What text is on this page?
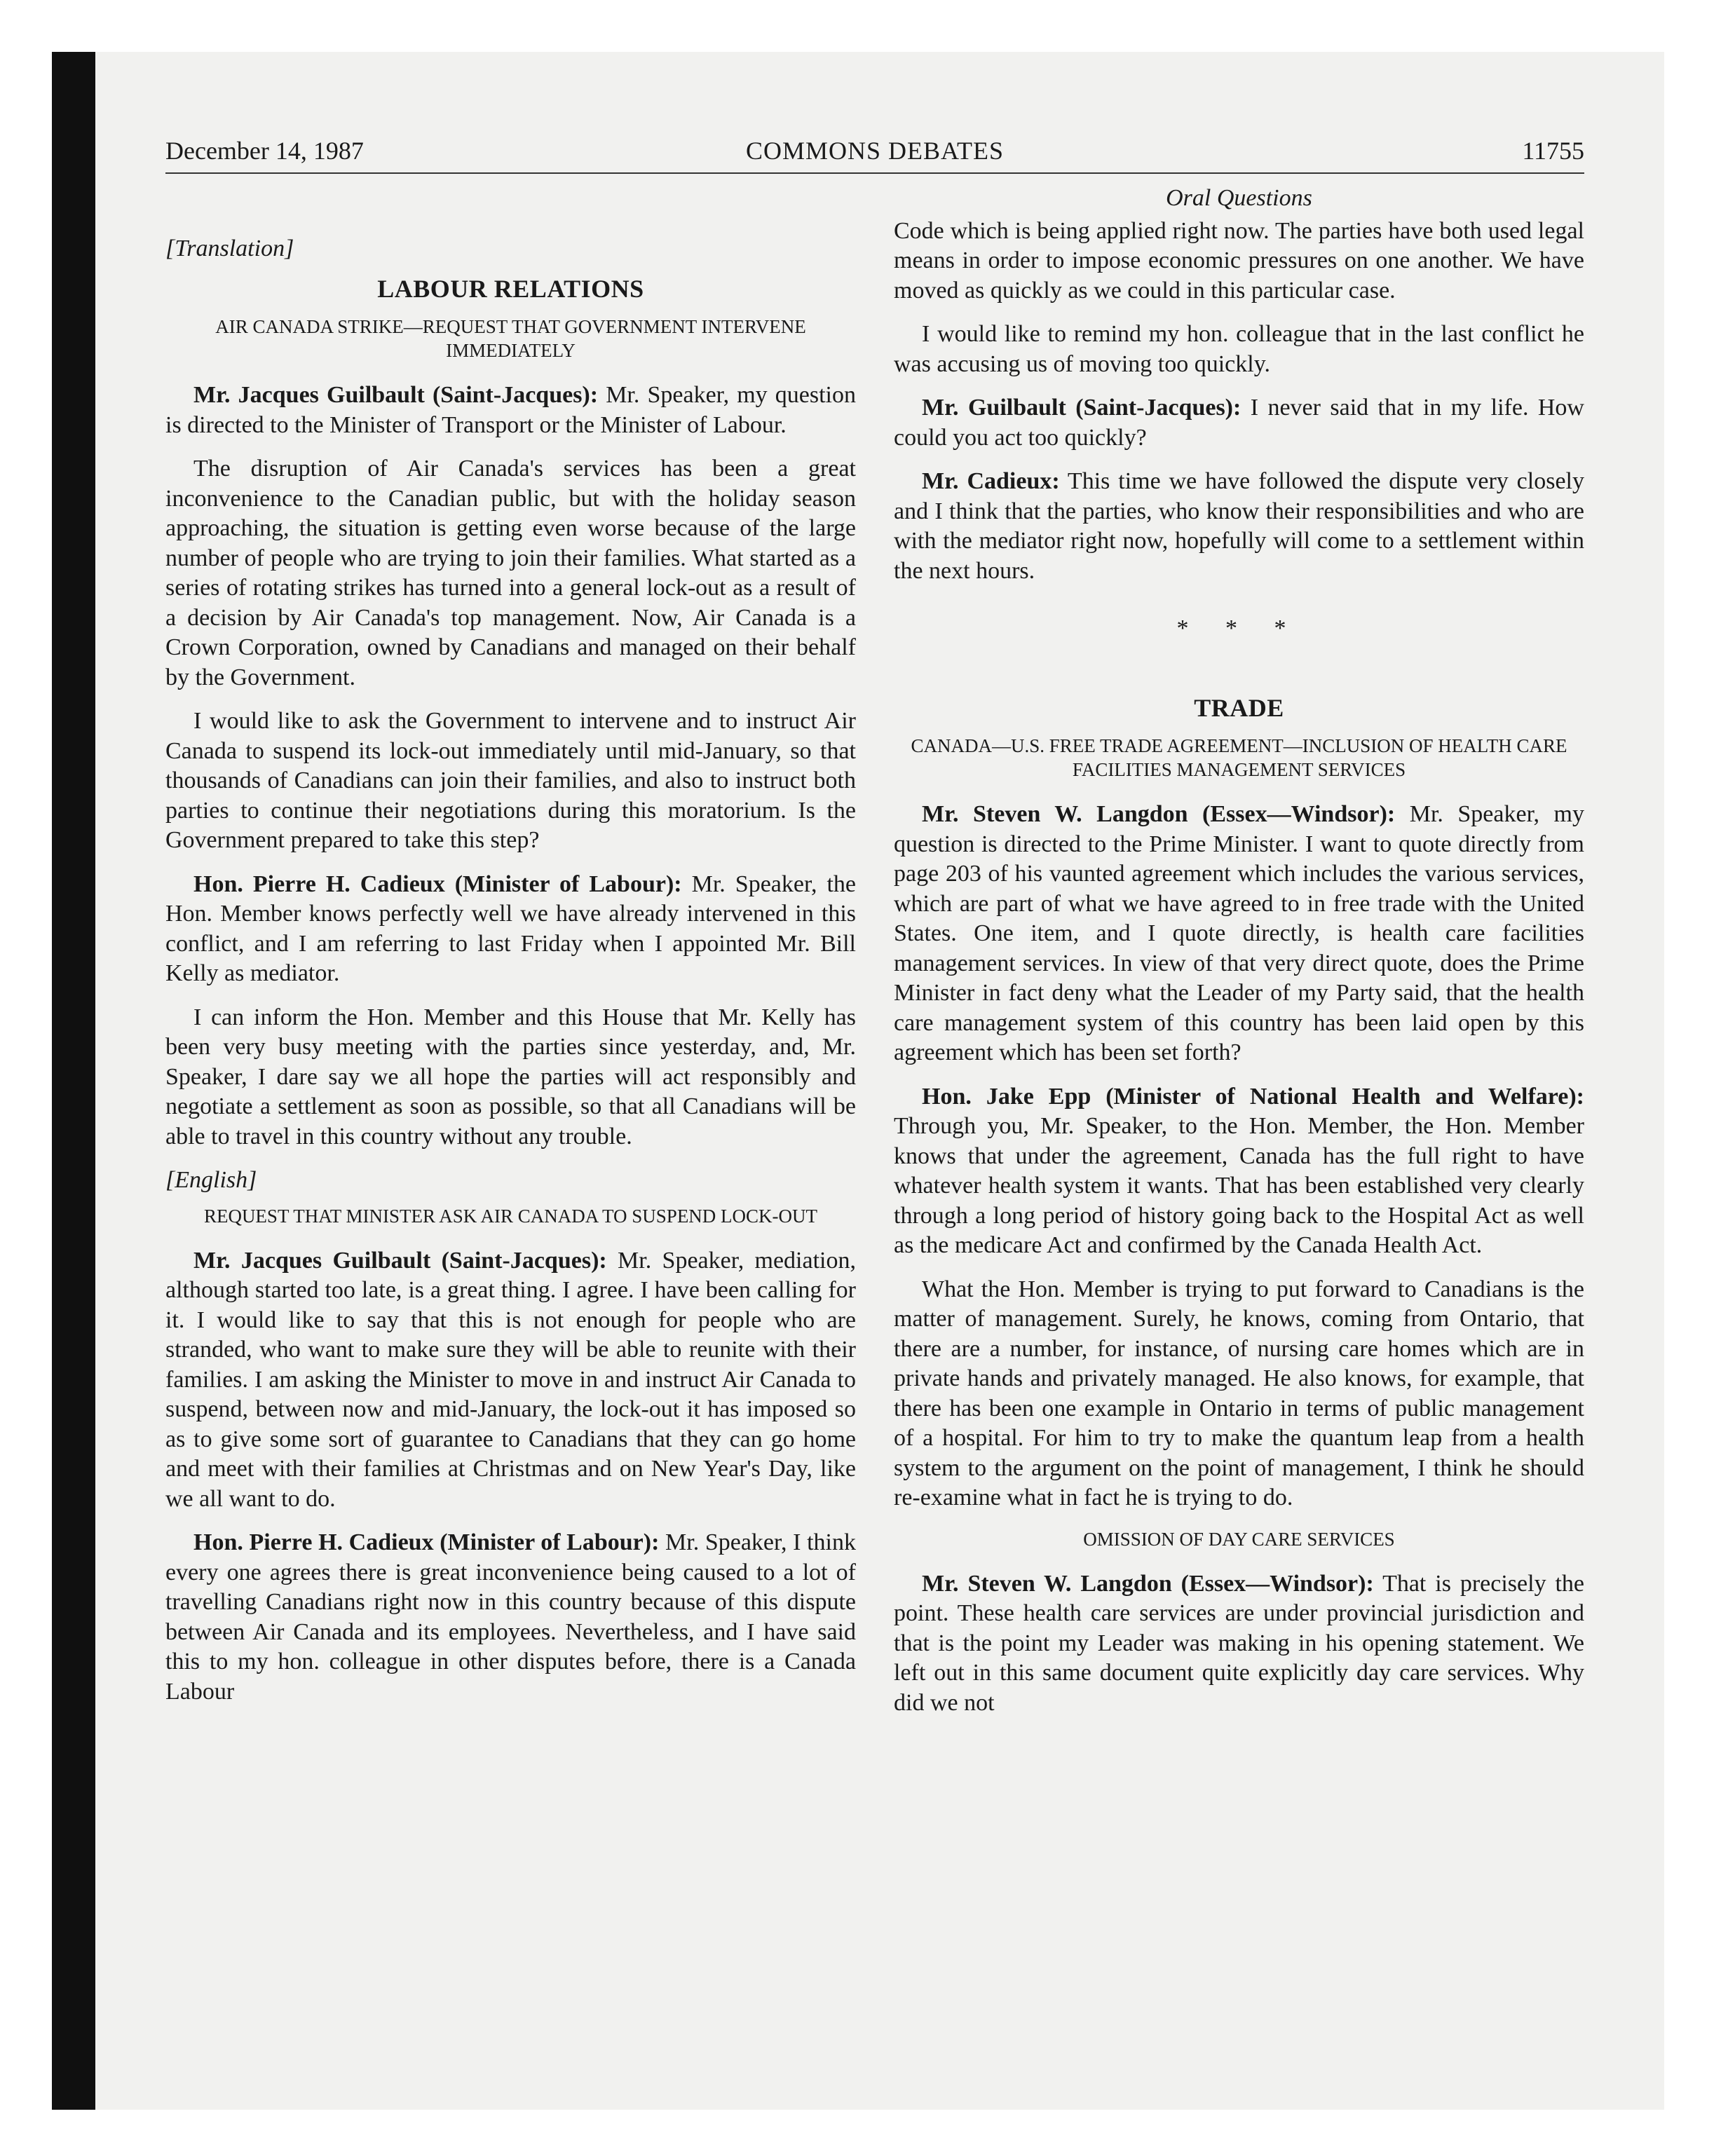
December 14, 1987	COMMONS DEBATES	11755
[Translation]
LABOUR RELATIONS
AIR CANADA STRIKE—REQUEST THAT GOVERNMENT INTERVENE IMMEDIATELY

Mr. Jacques Guilbault (Saint-Jacques): Mr. Speaker, my question is directed to the Minister of Transport or the Minister of Labour.

The disruption of Air Canada's services has been a great inconvenience to the Canadian public, but with the holiday season approaching, the situation is getting even worse because of the large number of people who are trying to join their families. What started as a series of rotating strikes has turned into a general lock-out as a result of a decision by Air Canada's top management. Now, Air Canada is a Crown Corporation, owned by Canadians and managed on their behalf by the Government.

I would like to ask the Government to intervene and to instruct Air Canada to suspend its lock-out immediately until mid-January, so that thousands of Canadians can join their families, and also to instruct both parties to continue their negotiations during this moratorium. Is the Government prepared to take this step?

Hon. Pierre H. Cadieux (Minister of Labour): Mr. Speaker, the Hon. Member knows perfectly well we have already intervened in this conflict, and I am referring to last Friday when I appointed Mr. Bill Kelly as mediator.

I can inform the Hon. Member and this House that Mr. Kelly has been very busy meeting with the parties since yesterday, and, Mr. Speaker, I dare say we all hope the parties will act responsibly and negotiate a settlement as soon as possible, so that all Canadians will be able to travel in this country without any trouble.

[English]
REQUEST THAT MINISTER ASK AIR CANADA TO SUSPEND LOCK-OUT

Mr. Jacques Guilbault (Saint-Jacques): Mr. Speaker, mediation, although started too late, is a great thing. I agree. I have been calling for it. I would like to say that this is not enough for people who are stranded, who want to make sure they will be able to reunite with their families. I am asking the Minister to move in and instruct Air Canada to suspend, between now and mid-January, the lock-out it has imposed so as to give some sort of guarantee to Canadians that they can go home and meet with their families at Christmas and on New Year's Day, like we all want to do.

Hon. Pierre H. Cadieux (Minister of Labour): Mr. Speaker, I think every one agrees there is great inconvenience being caused to a lot of travelling Canadians right now in this country because of this dispute between Air Canada and its employees. Nevertheless, and I have said this to my hon. colleague in other disputes before, there is a Canada Labour

Oral Questions

Code which is being applied right now. The parties have both used legal means in order to impose economic pressures on one another. We have moved as quickly as we could in this particular case.

I would like to remind my hon. colleague that in the last conflict he was accusing us of moving too quickly.

Mr. Guilbault (Saint-Jacques): I never said that in my life. How could you act too quickly?

Mr. Cadieux: This time we have followed the dispute very closely and I think that the parties, who know their responsibilities and who are with the mediator right now, hopefully will come to a settlement within the next hours.

* * *
TRADE
CANADA—U.S. FREE TRADE AGREEMENT—INCLUSION OF HEALTH CARE FACILITIES MANAGEMENT SERVICES

Mr. Steven W. Langdon (Essex—Windsor): Mr. Speaker, my question is directed to the Prime Minister. I want to quote directly from page 203 of his vaunted agreement which includes the various services, which are part of what we have agreed to in free trade with the United States. One item, and I quote directly, is health care facilities management services. In view of that very direct quote, does the Prime Minister in fact deny what the Leader of my Party said, that the health care management system of this country has been laid open by this agreement which has been set forth?

Hon. Jake Epp (Minister of National Health and Welfare): Through you, Mr. Speaker, to the Hon. Member, the Hon. Member knows that under the agreement, Canada has the full right to have whatever health system it wants. That has been established very clearly through a long period of history going back to the Hospital Act as well as the medicare Act and confirmed by the Canada Health Act.

What the Hon. Member is trying to put forward to Canadians is the matter of management. Surely, he knows, coming from Ontario, that there are a number, for instance, of nursing care homes which are in private hands and privately managed. He also knows, for example, that there has been one example in Ontario in terms of public management of a hospital. For him to try to make the quantum leap from a health system to the argument on the point of management, I think he should re-examine what in fact he is trying to do.

OMISSION OF DAY CARE SERVICES

Mr. Steven W. Langdon (Essex—Windsor): That is precisely the point. These health care services are under provincial jurisdiction and that is the point my Leader was making in his opening statement. We left out in this same document quite explicitly day care services. Why did we not
